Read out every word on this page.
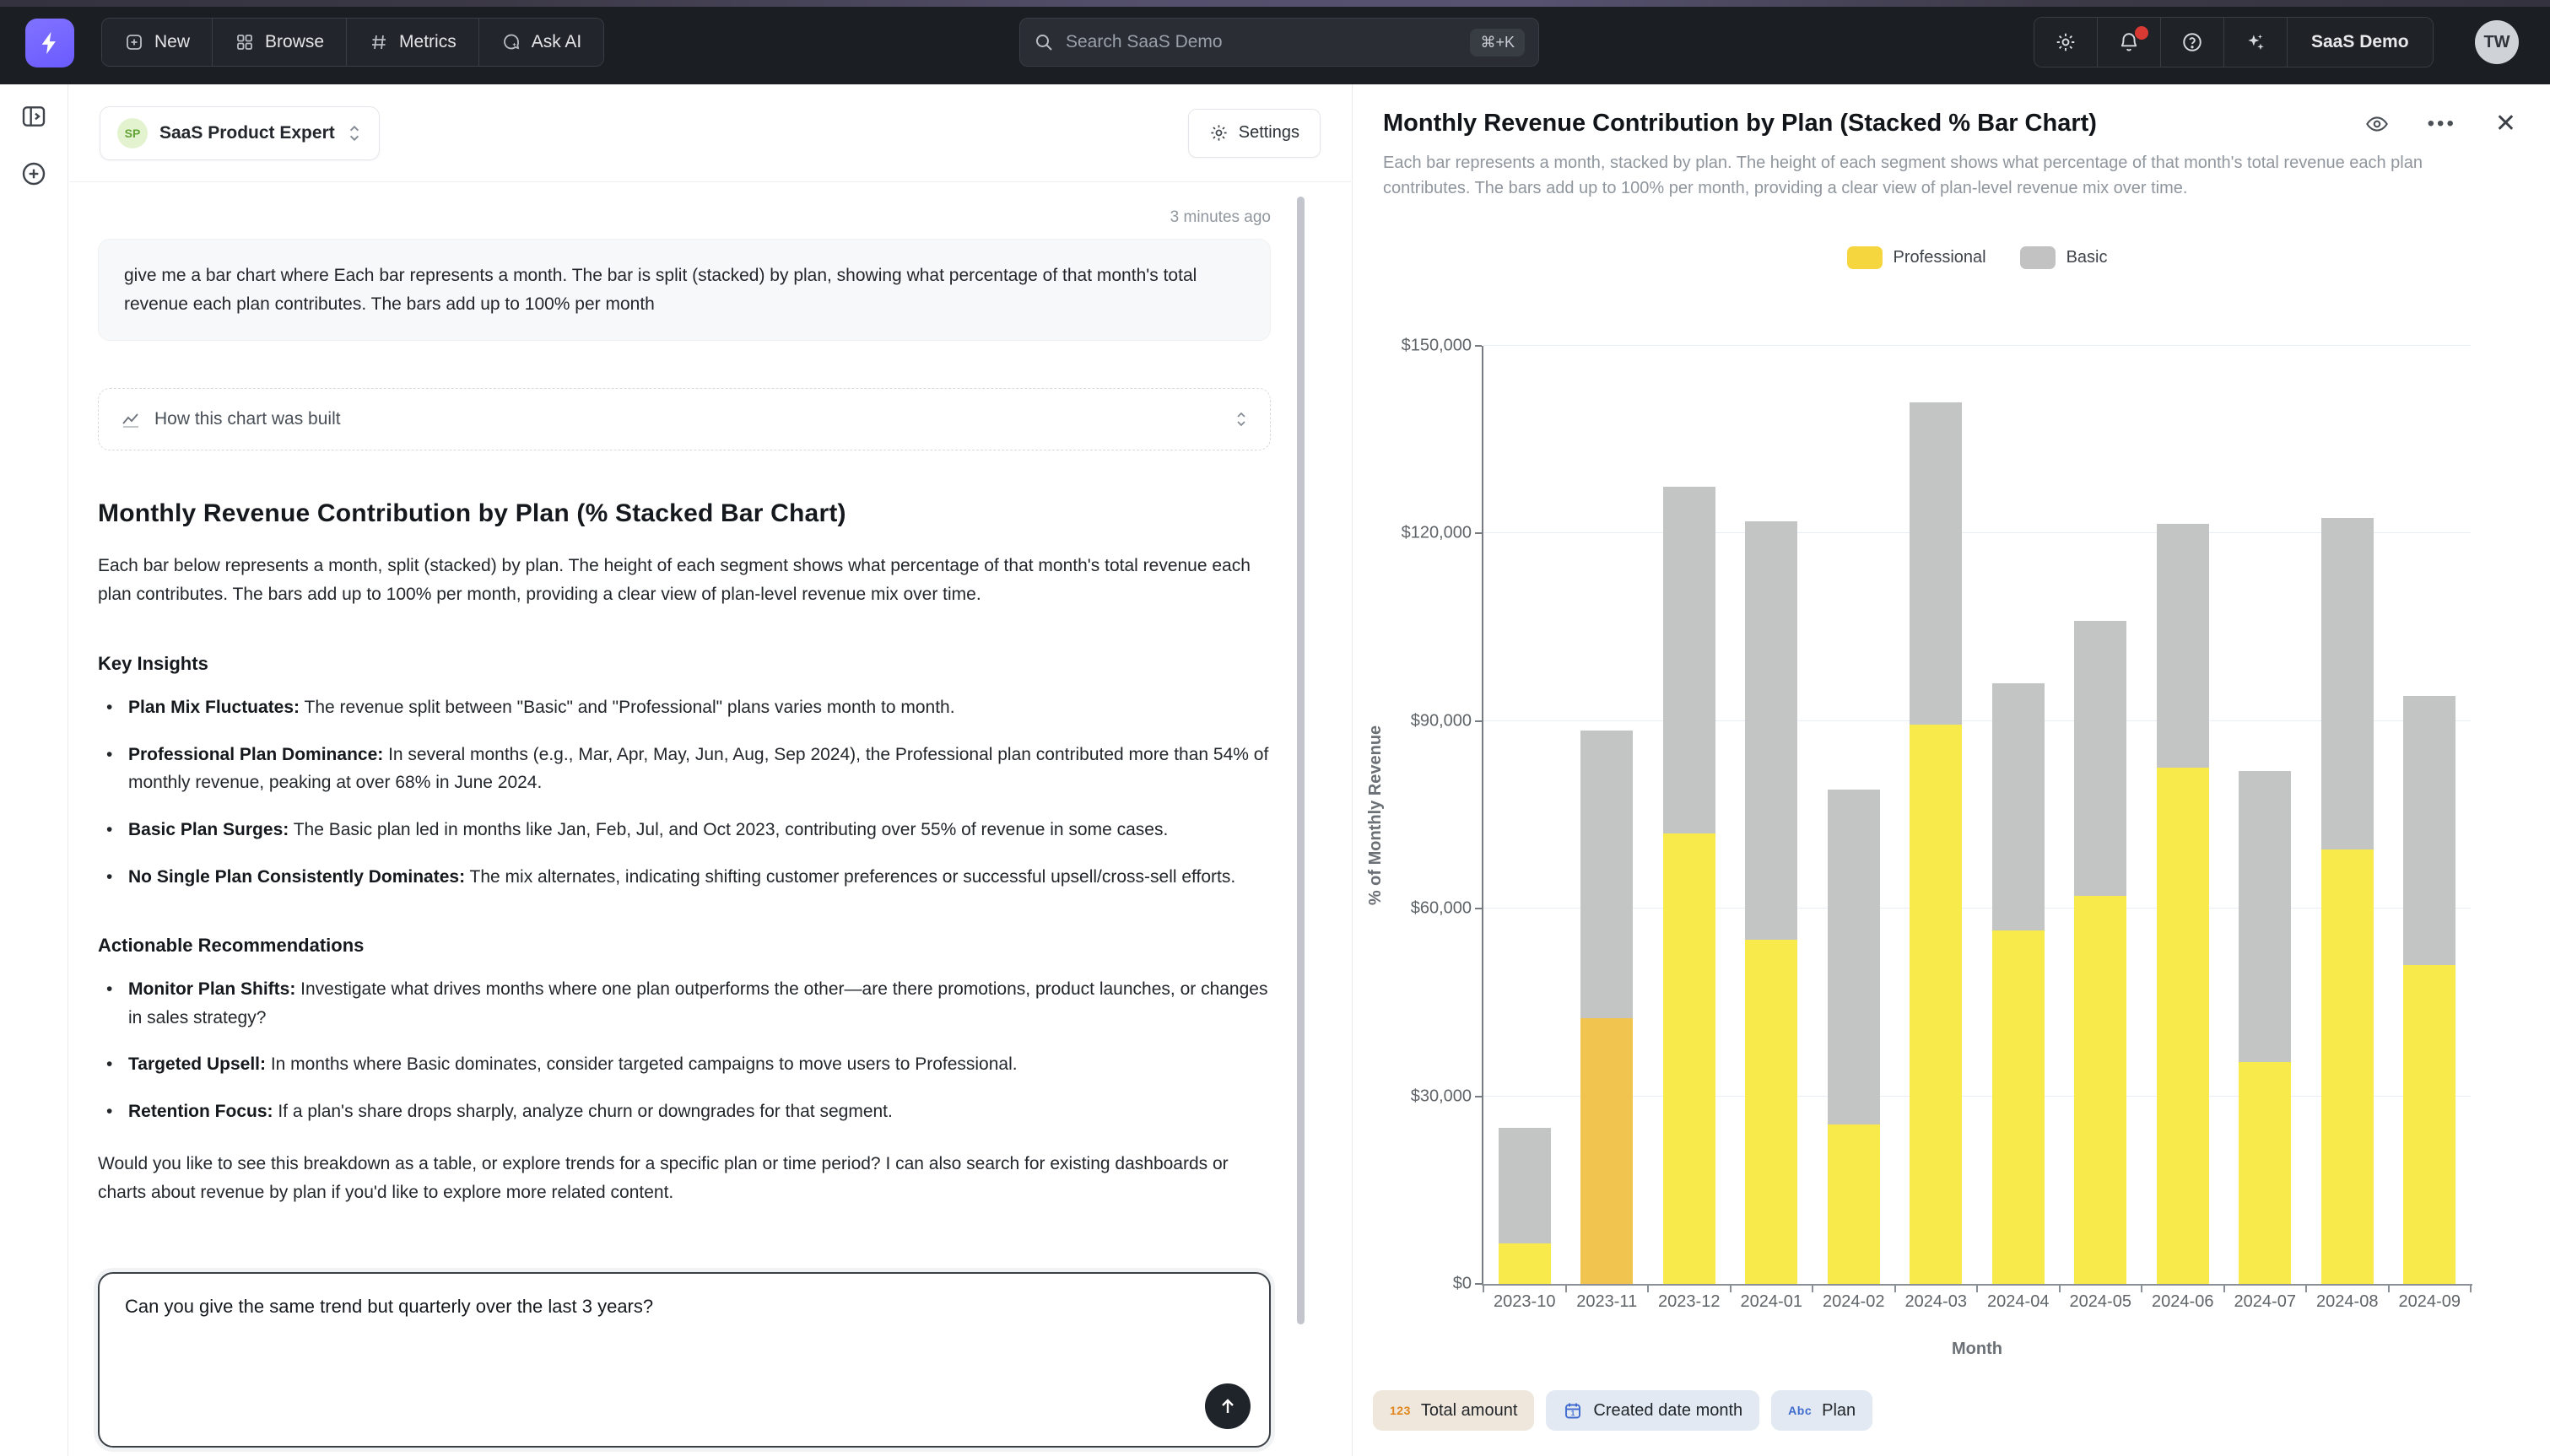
New	Browse	Metrics	Ask AI	Search SaaS Demo	⌘+K	SaaS Demo	TW
SP	SaaS Product Expert	Settings
3 minutes ago
give me a bar chart where Each bar represents a month. The bar is split (stacked) by plan, showing what percentage of that month's total revenue each plan contributes. The bars add up to 100% per month
How this chart was built
Monthly Revenue Contribution by Plan (% Stacked Bar Chart)

Each bar below represents a month, split (stacked) by plan. The height of each segment shows what percentage of that month's total revenue each plan contributes. The bars add up to 100% per month, providing a clear view of plan-level revenue mix over time.

Key Insights
• Plan Mix Fluctuates: The revenue split between "Basic" and "Professional" plans varies month to month.
• Professional Plan Dominance: In several months (e.g., Mar, Apr, May, Jun, Aug, Sep 2024), the Professional plan contributed more than 54% of monthly revenue, peaking at over 68% in June 2024.
• Basic Plan Surges: The Basic plan led in months like Jan, Feb, Jul, and Oct 2023, contributing over 55% of revenue in some cases.
• No Single Plan Consistently Dominates: The mix alternates, indicating shifting customer preferences or successful upsell/cross-sell efforts.
Actionable Recommendations
• Monitor Plan Shifts: Investigate what drives months where one plan outperforms the other—are there promotions, product launches, or changes in sales strategy?
• Targeted Upsell: In months where Basic dominates, consider targeted campaigns to move users to Professional.
• Retention Focus: If a plan's share drops sharply, analyze churn or downgrades for that segment.

Would you like to see this breakdown as a table, or explore trends for a specific plan or time period? I can also search for existing dashboards or charts about revenue by plan if you'd like to explore more related content.

Can you give the same trend but quarterly over the last 3 years?
Monthly Revenue Contribution by Plan (Stacked % Bar Chart)
Each bar represents a month, stacked by plan. The height of each segment shows what percentage of that month's total revenue each plan contributes. The bars add up to 100% per month, providing a clear view of plan-level revenue mix over time.
••• ✕
Professional	Basic
% of Monthly Revenue
$0
$30,000
$60,000
$90,000
$120,000
$150,000
2023-10	2023-11	2023-12	2024-01	2024-02	2024-03	2024-04	2024-05	2024-06	2024-07	2024-08	2024-09
Month
123 Total amount	1 Created date month	Abc Plan
